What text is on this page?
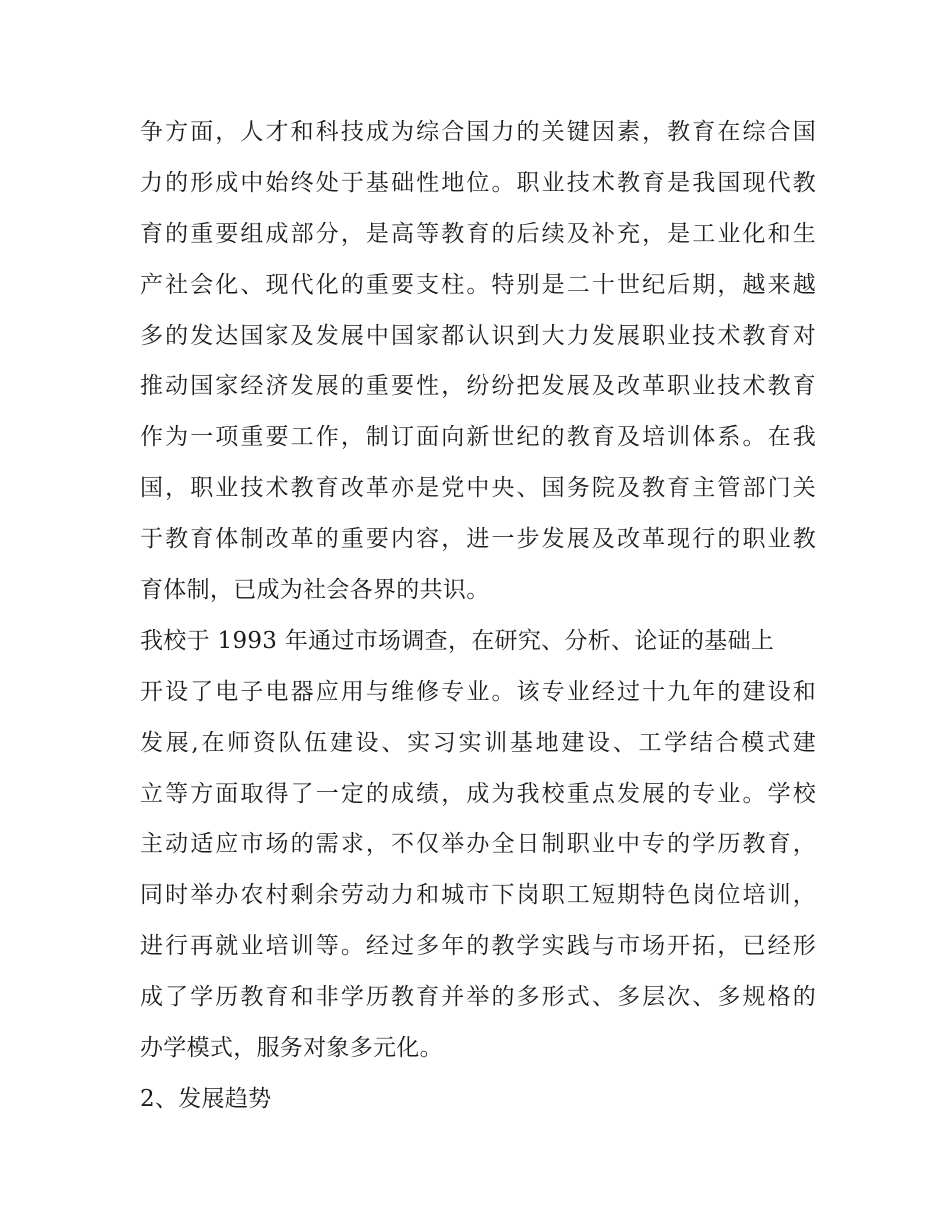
争方面，人才和科技成为综合国力的关键因素，教育在综合国
力的形成中始终处于基础性地位。职业技术教育是我国现代教
育的重要组成部分，是高等教育的后续及补充，是工业化和生
产社会化、现代化的重要支柱。特别是二十世纪后期，越来越
多的发达国家及发展中国家都认识到大力发展职业技术教育对
推动国家经济发展的重要性，纷纷把发展及改革职业技术教育
作为一项重要工作，制订面向新世纪的教育及培训体系。在我
国，职业技术教育改革亦是党中央、国务院及教育主管部门关
于教育体制改革的重要内容，进一步发展及改革现行的职业教
育体制，已成为社会各界的共识。
我校于 1993 年通过市场调查，在研究、分析、论证的基础上
开设了电子电器应用与维修专业。该专业经过十九年的建设和
发展,在师资队伍建设、实习实训基地建设、工学结合模式建
立等方面取得了一定的成绩，成为我校重点发展的专业。学校
主动适应市场的需求，不仅举办全日制职业中专的学历教育，
同时举办农村剩余劳动力和城市下岗职工短期特色岗位培训，
进行再就业培训等。经过多年的教学实践与市场开拓，已经形
成了学历教育和非学历教育并举的多形式、多层次、多规格的
办学模式，服务对象多元化。
2、发展趋势
